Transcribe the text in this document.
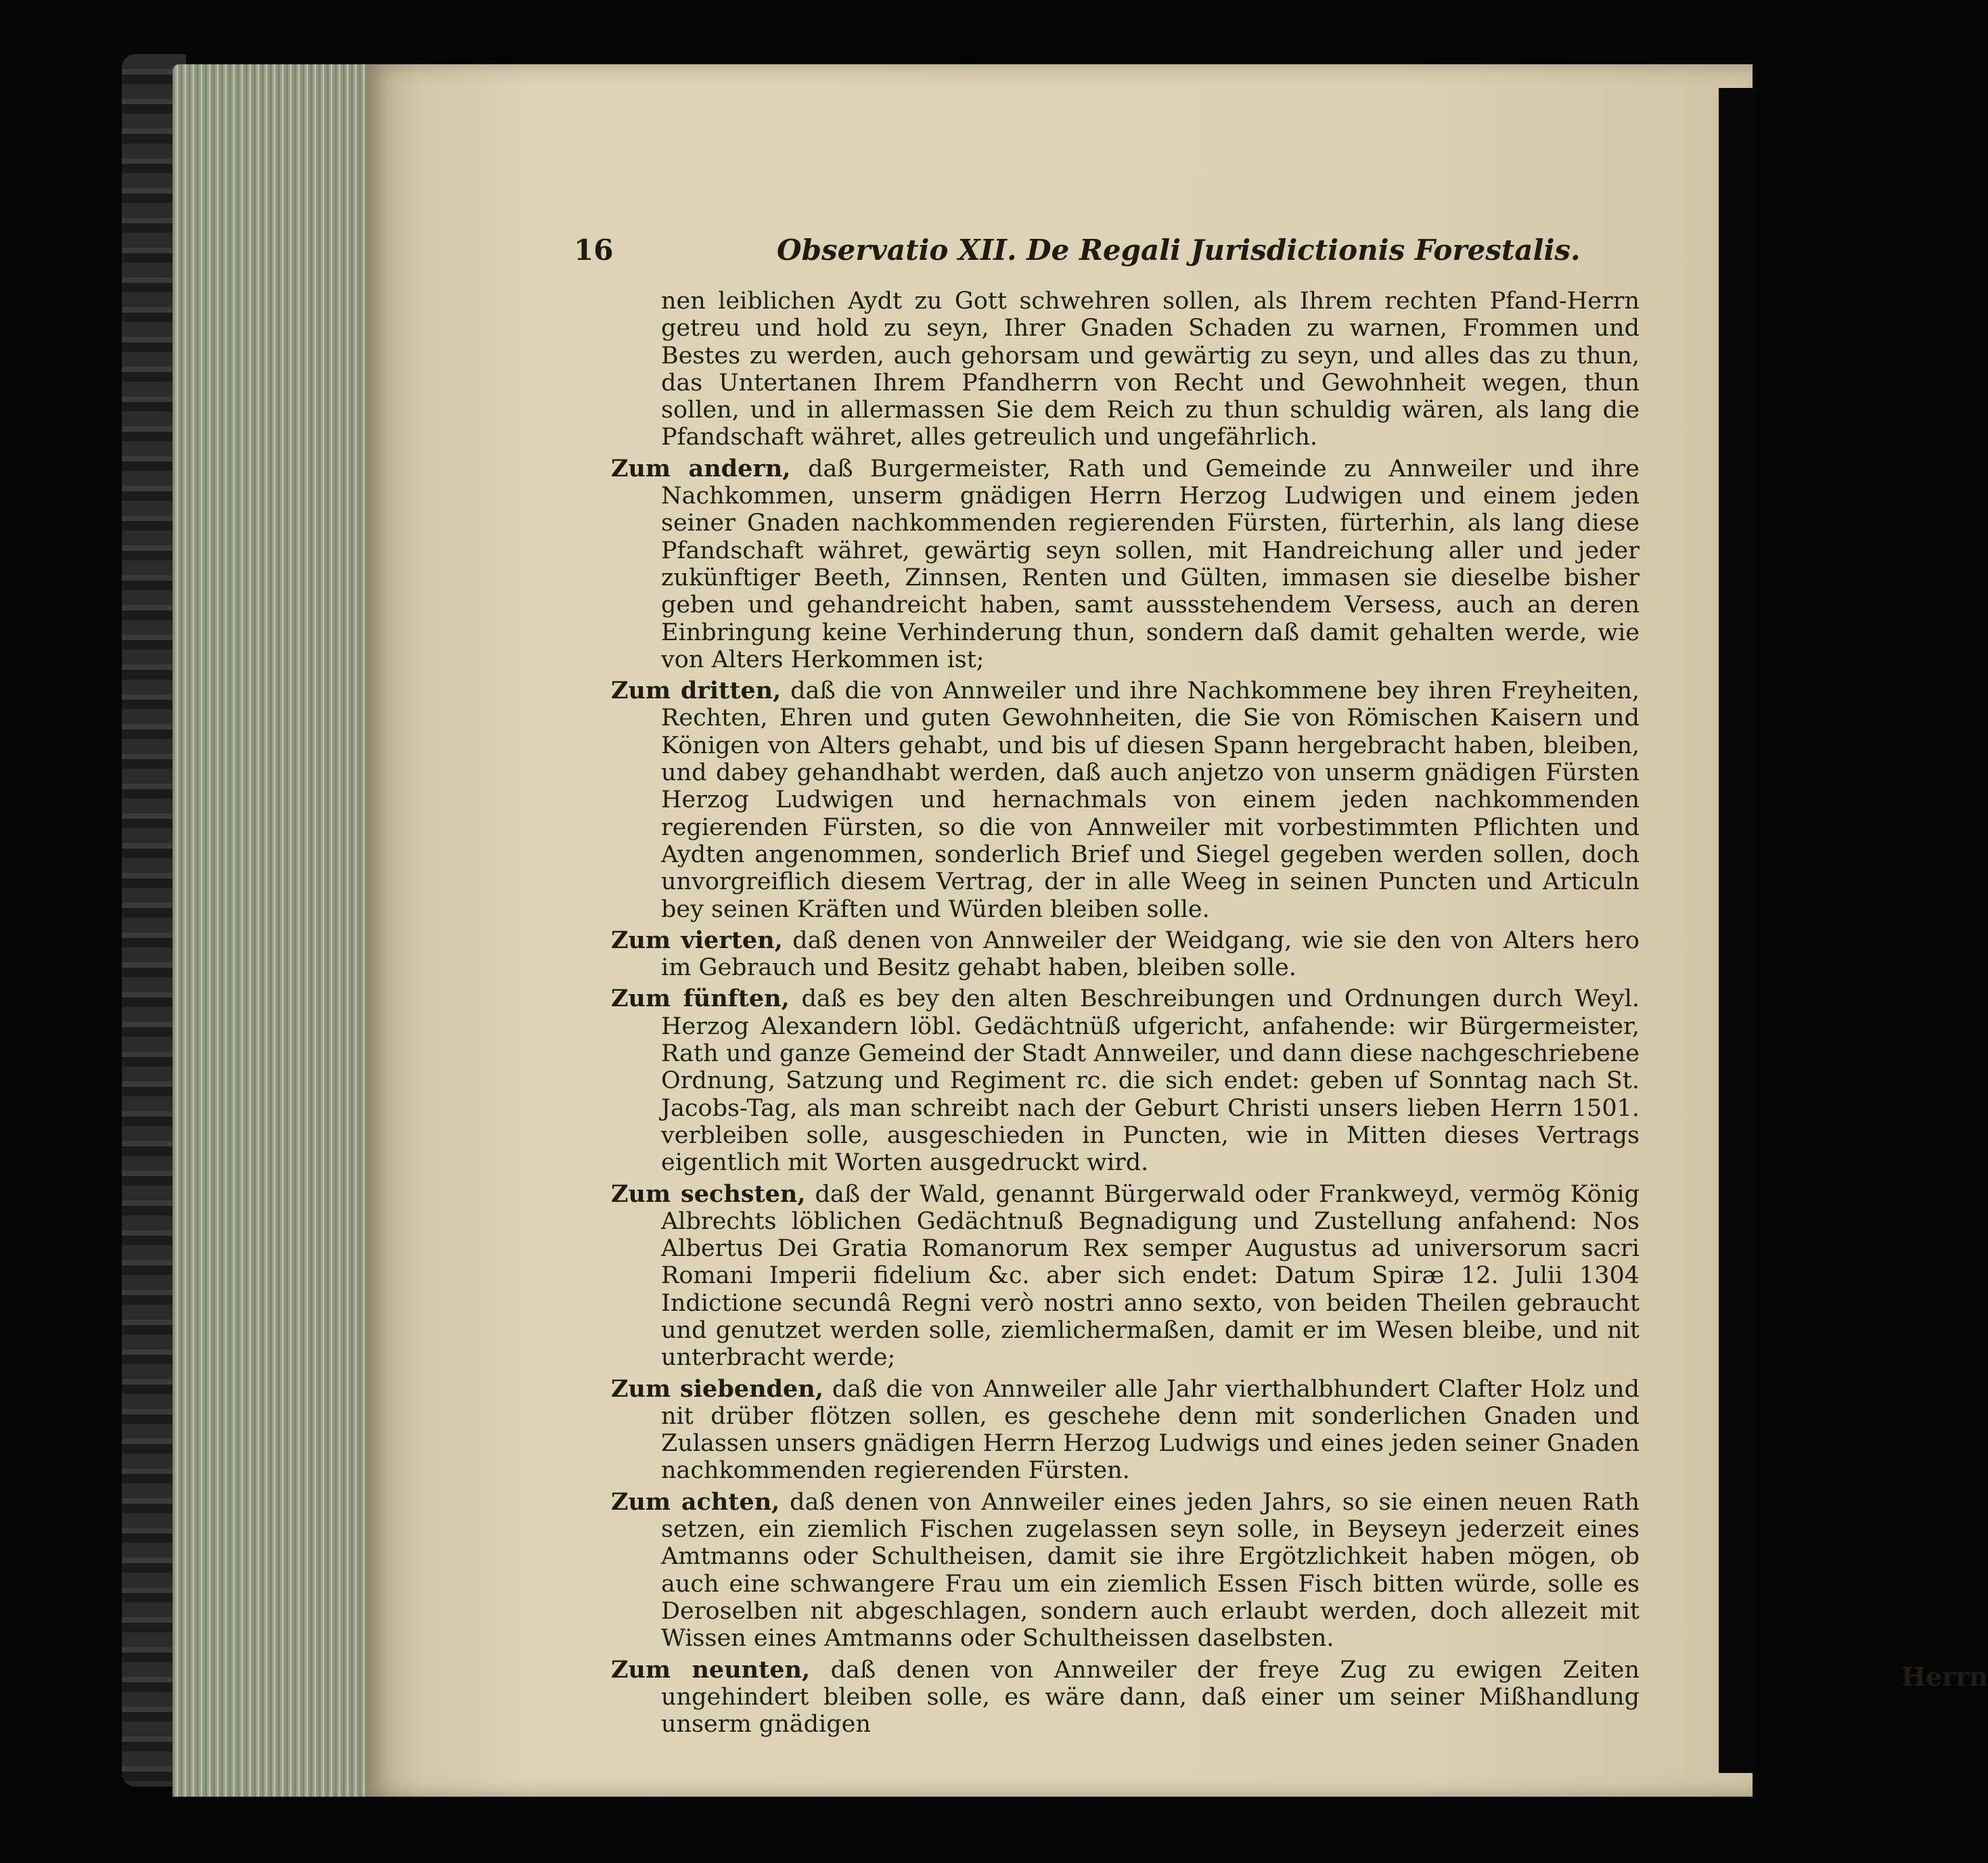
16	Observatio XII. De Regali Jurisdictionis Forestalis.

nen leiblichen Aydt zu Gott schwehren sollen, als Ihrem rechten Pfand-Herrn getreu und hold zu seyn, Ihrer Gnaden Schaden zu warnen, Frommen und Bestes zu werden, auch gehorsam und gewärtig zu seyn, und alles das zu thun, das Untertanen Ihrem Pfandherrn von Recht und Gewohnheit wegen, thun sollen, und in allermassen Sie dem Reich zu thun schuldig wären, als lang die Pfandschaft währet, alles getreulich und ungefährlich.

Zum andern, daß Burgermeister, Rath und Gemeinde zu Annweiler und ihre Nachkommen, unserm gnädigen Herrn Herzog Ludwigen und einem jeden seiner Gnaden nachkommenden regierenden Fürsten, fürterhin, als lang diese Pfandschaft währet, gewärtig seyn sollen, mit Handreichung aller und jeder zukünftiger Beeth, Zinnsen, Renten und Gülten, immasen sie dieselbe bisher geben und gehandreicht haben, samt aussstehendem Versess, auch an deren Einbringung keine Verhinderung thun, sondern daß damit gehalten werde, wie von Alters Herkommen ist;

Zum dritten, daß die von Annweiler und ihre Nachkommene bey ihren Freyheiten, Rechten, Ehren und guten Gewohnheiten, die Sie von Römischen Kaisern und Königen von Alters gehabt, und bis uf diesen Spann hergebracht haben, bleiben, und dabey gehandhabt werden, daß auch anjetzo von unserm gnädigen Fürsten Herzog Ludwigen und hernachmals von einem jeden nachkommenden regierenden Fürsten, so die von Annweiler mit vorbestimmten Pflichten und Aydten angenommen, sonderlich Brief und Siegel gegeben werden sollen, doch unvorgreiflich diesem Vertrag, der in alle Weeg in seinen Puncten und Articuln bey seinen Kräften und Würden bleiben solle.

Zum vierten, daß denen von Annweiler der Weidgang, wie sie den von Alters hero im Gebrauch und Besitz gehabt haben, bleiben solle.

Zum fünften, daß es bey den alten Beschreibungen und Ordnungen durch Weyl. Herzog Alexandern löbl. Gedächtnüß ufgericht, anfahende: wir Bürgermeister, Rath und ganze Gemeind der Stadt Annweiler, und dann diese nachgeschriebene Ordnung, Satzung und Regiment rc. die sich endet: geben uf Sonntag nach St. Jacobs-Tag, als man schreibt nach der Geburt Christi unsers lieben Herrn 1501. verbleiben solle, ausgeschieden in Puncten, wie in Mitten dieses Vertrags eigentlich mit Worten ausgedruckt wird.

Zum sechsten, daß der Wald, genannt Bürgerwald oder Frankweyd, vermög König Albrechts löblichen Gedächtnuß Begnadigung und Zustellung anfahend: Nos Albertus Dei Gratia Romanorum Rex semper Augustus ad universorum sacri Romani Imperii fidelium &c. aber sich endet: Datum Spiræ 12. Julii 1304 Indictione secundâ Regni verò nostri anno sexto, von beiden Theilen gebraucht und genutzet werden solle, ziemlichermaßen, damit er im Wesen bleibe, und nit unterbracht werde;

Zum siebenden, daß die von Annweiler alle Jahr vierthalbhundert Clafter Holz und nit drüber flötzen sollen, es geschehe denn mit sonderlichen Gnaden und Zulassen unsers gnädigen Herrn Herzog Ludwigs und eines jeden seiner Gnaden nachkommenden regierenden Fürsten.

Zum achten, daß denen von Annweiler eines jeden Jahrs, so sie einen neuen Rath setzen, ein ziemlich Fischen zugelassen seyn solle, in Beyseyn jederzeit eines Amtmanns oder Schultheisen, damit sie ihre Ergötzlichkeit haben mögen, ob auch eine schwangere Frau um ein ziemlich Essen Fisch bitten würde, solle es Deroselben nit abgeschlagen, sondern auch erlaubt werden, doch allezeit mit Wissen eines Amtmanns oder Schultheissen daselbsten.

Zum neunten, daß denen von Annweiler der freye Zug zu ewigen Zeiten ungehindert bleiben solle, es wäre dann, daß einer um seiner Mißhandlung unserm gnädigen

Herrn
